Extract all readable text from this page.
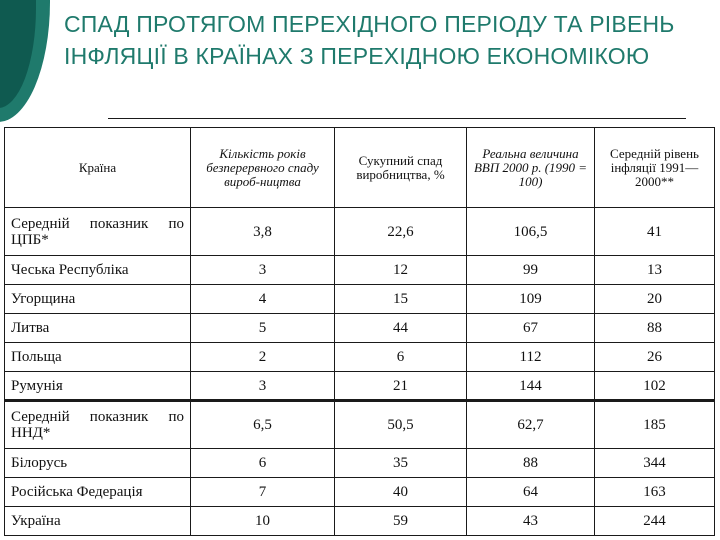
СПАД ПРОТЯГОМ ПЕРЕХІДНОГО ПЕРІОДУ ТА РІВЕНЬ ІНФЛЯЦІЇ В КРАЇНАХ З ПЕРЕХІДНОЮ ЕКОНОМІКОЮ
Країна	Кількість років безперервного спаду вироб-ництва	Сукупний спад виробництва, %	Реальна величина ВВП 2000 р. (1990 = 100)	Середній рівень інфляції 1991—2000**
Середній показник по ЦПБ*	3,8	22,6	106,5	41
Чеська Республіка	3	12	99	13
Угорщина	4	15	109	20
Литва	5	44	67	88
Польща	2	6	112	26
Румунія	3	21	144	102
Середній показник по ННД*	6,5	50,5	62,7	185
Білорусь	6	35	88	344
Російська Федерація	7	40	64	163
Україна	10	59	43	244
